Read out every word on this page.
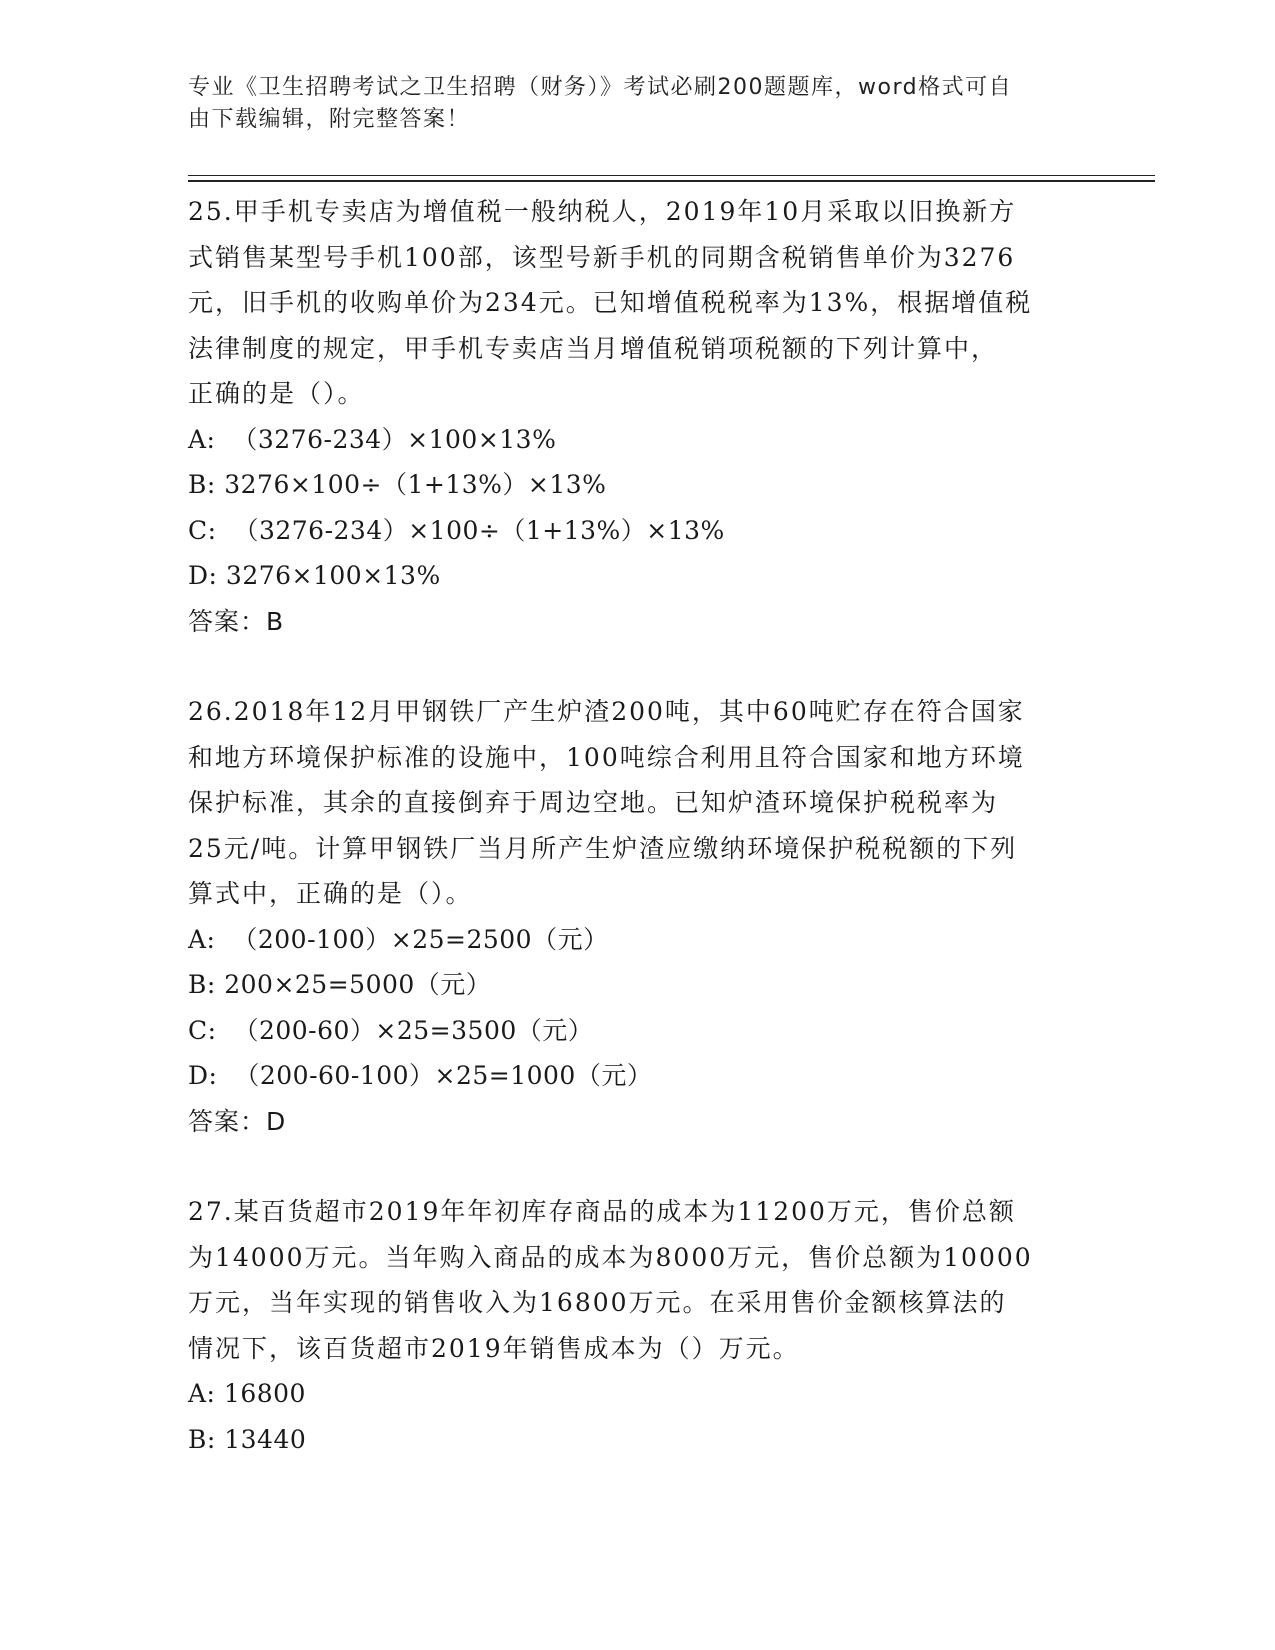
专业《卫生招聘考试之卫生招聘（财务）》考试必刷200题题库，word格式可自
由下载编辑，附完整答案！

25.甲手机专卖店为增值税一般纳税人，2019年10月采取以旧换新方

式销售某型号手机100部，该型号新手机的同期含税销售单价为3276

元，旧手机的收购单价为234元。已知增值税税率为13%，根据增值税

法律制度的规定，甲手机专卖店当月增值税销项税额的下列计算中，

正确的是（）。

A:  （3276-234）×100×13%

B: 3276×100÷（1+13%）×13%

C:  （3276-234）×100÷（1+13%）×13%

D: 3276×100×13%

答案：B

26.2018年12月甲钢铁厂产生炉渣200吨，其中60吨贮存在符合国家

和地方环境保护标准的设施中，100吨综合利用且符合国家和地方环境

保护标准，其余的直接倒弃于周边空地。已知炉渣环境保护税税率为

25元/吨。计算甲钢铁厂当月所产生炉渣应缴纳环境保护税税额的下列

算式中，正确的是（）。

A:  （200-100）×25=2500（元）

B: 200×25=5000（元）

C:  （200-60）×25=3500（元）

D:  （200-60-100）×25=1000（元）

答案：D

27.某百货超市2019年年初库存商品的成本为11200万元，售价总额

为14000万元。当年购入商品的成本为8000万元，售价总额为10000

万元，当年实现的销售收入为16800万元。在采用售价金额核算法的

情况下，该百货超市2019年销售成本为（）万元。

A: 16800

B: 13440
